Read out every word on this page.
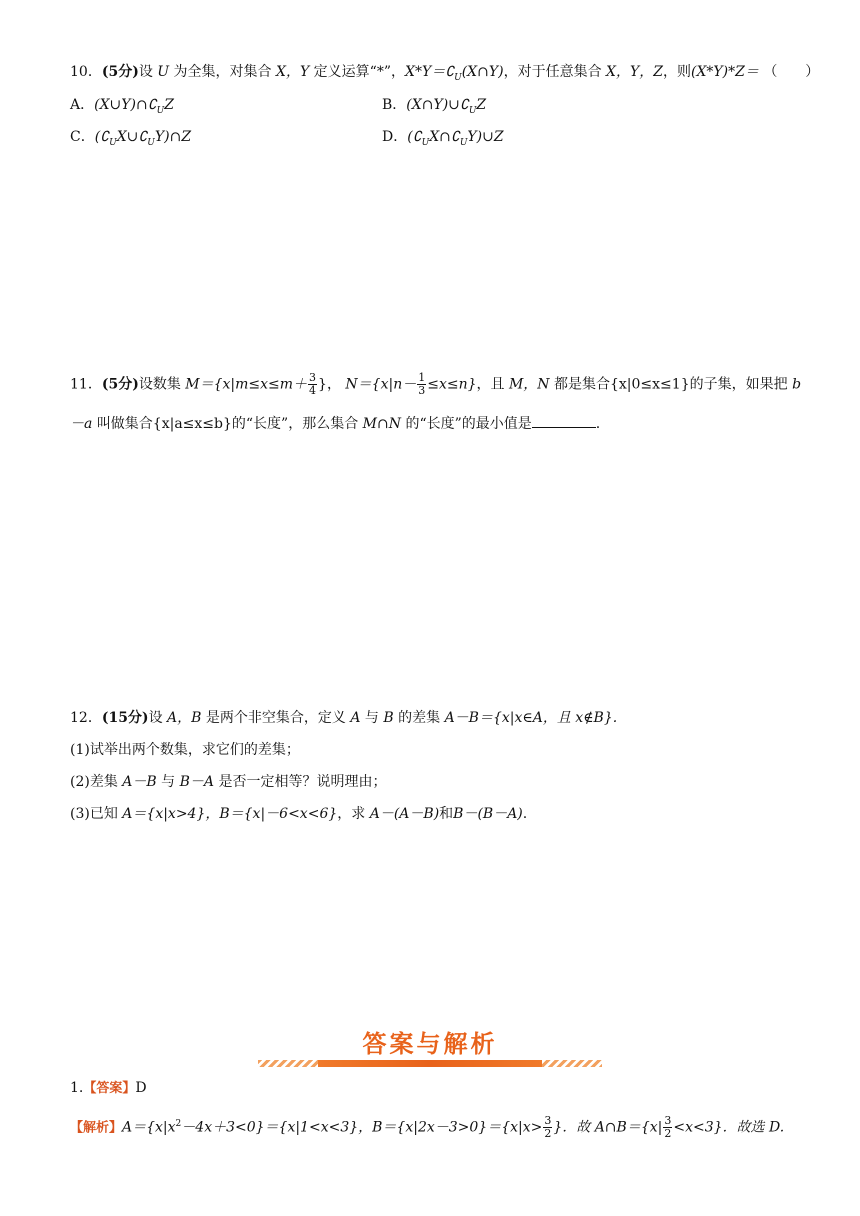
10．(5分)设 U 为全集，对集合 X，Y 定义运算“*”，$X*Y=∁_U(X\cap Y)$，对于任意集合 X，Y，Z，则(X*Y)*Z＝ （　　）
A．$(X\cup Y)\cap∁_UZ$	B．$(X\cap Y)\cup∁_UZ$
C．$(∁_UX\cup∁_UY)\cap Z$	D．$(∁_UX\cap∁_UY)\cup Z$
11．(5分)设数集 $M=\{x|m\le x\le m+ \frac{3}{4}$ }， $N=\{x|n- \frac{1}{3} \le x\le n\}$，且 M，N 都是集合{x|0≤x≤1}的子集，如果把 b
－a 叫做集合{x|a≤x≤b}的“长度”，那么集合 M∩N 的“长度”的最小值是	.
12．(15分)设 A，B 是两个非空集合，定义 A 与 B 的差集 A－B＝{x|x∈A，且 x∉B}.
(1)试举出两个数集，求它们的差集；
(2)差集 A－B 与 B－A 是否一定相等？说明理由；
(3)已知 A＝{x|x>4}，B＝{x|－6<x<6}，求 A－(A－B)和B－(B－A).
答案与解析
1.【答案】D
【解析】$A=\{x|x^2-4x+3<0\}=\{x|1<x<3\}$，$B=\{x|2x-3>0\}=\{x|x> \frac{3}{2}$ }．故 A∩B＝{x| $\frac{3}{2} <x<3$}．故选 D.
